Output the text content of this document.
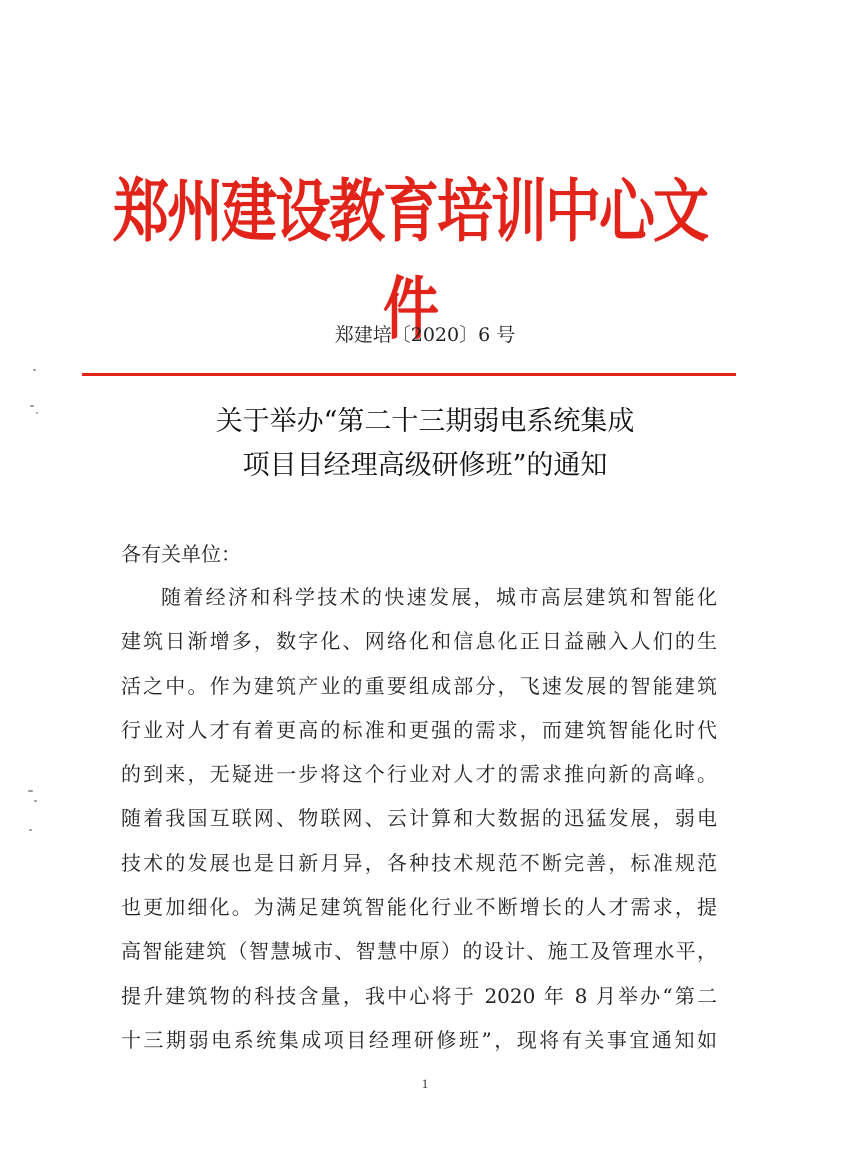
郑州建设教育培训中心文件
郑建培〔2020〕6 号
关于举办“第二十三期弱电系统集成
项目目经理高级研修班”的通知
各有关单位：
随着经济和科学技术的快速发展，城市高层建筑和智能化
建筑日渐增多，数字化、网络化和信息化正日益融入人们的生
活之中。作为建筑产业的重要组成部分，飞速发展的智能建筑
行业对人才有着更高的标准和更强的需求，而建筑智能化时代
的到来，无疑进一步将这个行业对人才的需求推向新的高峰。
随着我国互联网、物联网、云计算和大数据的迅猛发展，弱电
技术的发展也是日新月异，各种技术规范不断完善，标准规范
也更加细化。为满足建筑智能化行业不断增长的人才需求，提
高智能建筑（智慧城市、智慧中原）的设计、施工及管理水平，
提升建筑物的科技含量，我中心将于 2020 年 8 月举办“第二
十三期弱电系统集成项目经理研修班”，现将有关事宜通知如
1
